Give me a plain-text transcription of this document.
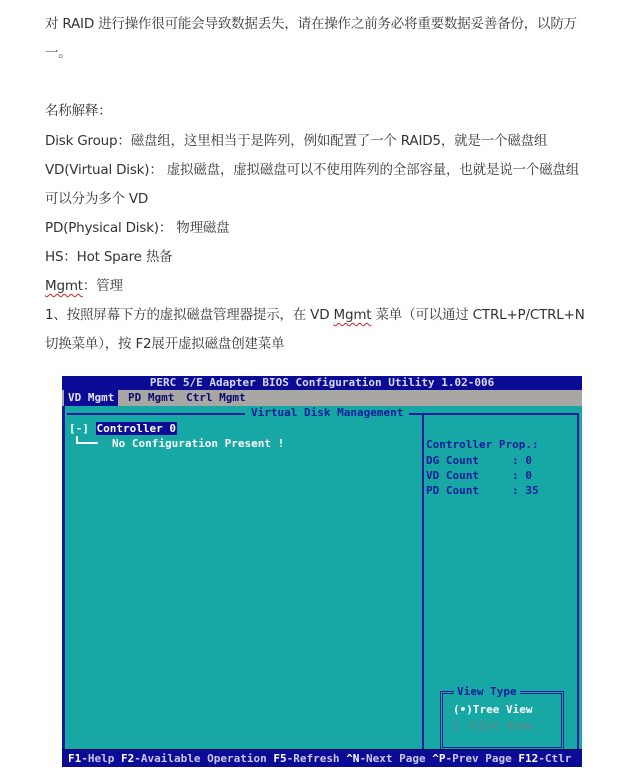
对 RAID 进行操作很可能会导致数据丢失，请在操作之前务必将重要数据妥善备份，以防万
一。
名称解释：
Disk Group：磁盘组，这里相当于是阵列，例如配置了一个 RAID5，就是一个磁盘组
VD(Virtual Disk)： 虚拟磁盘，虚拟磁盘可以不使用阵列的全部容量，也就是说一个磁盘组
可以分为多个 VD
PD(Physical Disk)： 物理磁盘
HS：Hot Spare 热备
Mgmt：管理
1、按照屏幕下方的虚拟磁盘管理器提示，在 VD Mgmt 菜单（可以通过 CTRL+P/CTRL+N
切换菜单），按 F2展开虚拟磁盘创建菜单
PERC 5/E Adapter BIOS Configuration Utility 1.02-006
VD Mgmt	PD Mgmt	Ctrl Mgmt
Virtual Disk Management
[-] Controller 0
No Configuration Present !	Controller Prop.:
DG Count     : 0
VD Count     : 0
PD Count     : 35
View Type
(•)Tree View
( )List View
F1-Help F2-Available Operation F5-Refresh ^N-Next Page ^P-Prev Page F12-Ctlr
